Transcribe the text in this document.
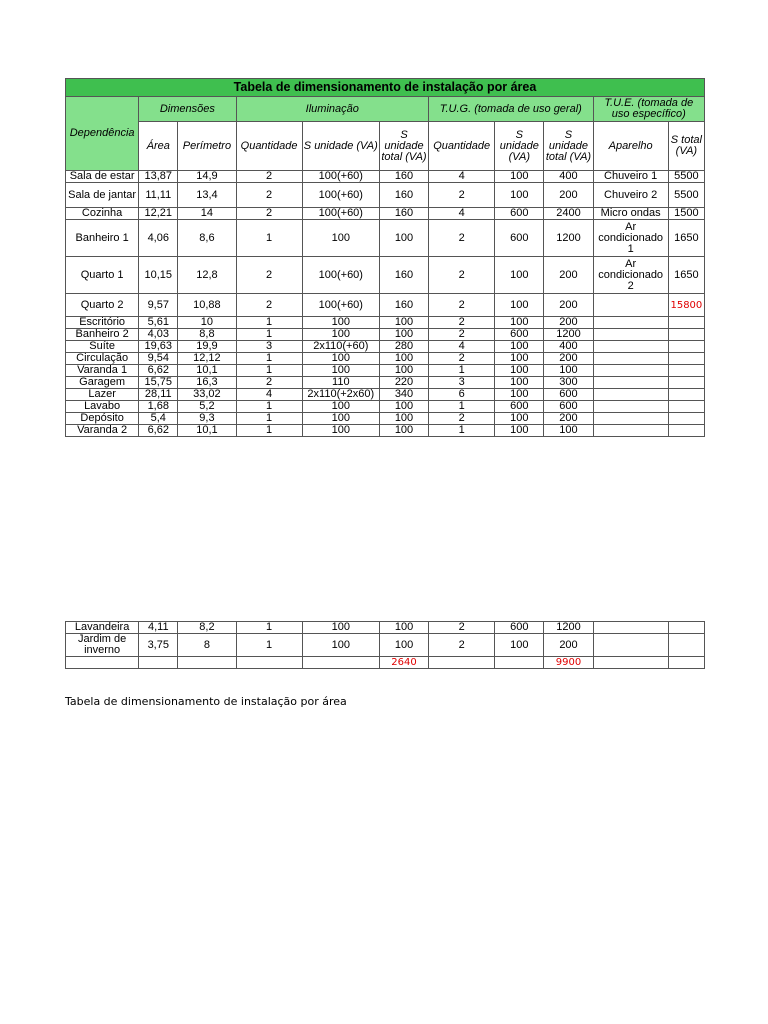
Tabela de dimensionamento de instalação por área										
Dependência	Dimensões		Iluminação			T.U.G. (tomada de uso geral)			T.U.E. (tomada de uso específico)	
	Área	Perímetro	Quantidade	S unidade (VA)	S unidade total (VA)	Quantidade	S unidade (VA)	S unidade total (VA)	Aparelho	S total (VA)
Sala de estar	13,87	14,9	2	100(+60)	160	4	100	400	Chuveiro 1	5500
Sala de jantar	11,11	13,4	2	100(+60)	160	2	100	200	Chuveiro 2	5500
Cozinha	12,21	14	2	100(+60)	160	4	600	2400	Micro ondas	1500
Banheiro 1	4,06	8,6	1	100	100	2	600	1200	Ar condicionado 1	1650
Quarto 1	10,15	12,8	2	100(+60)	160	2	100	200	Ar condicionado 2	1650
Quarto 2	9,57	10,88	2	100(+60)	160	2	100	200		15800
Escritório	5,61	10	1	100	100	2	100	200		
Banheiro 2	4,03	8,8	1	100	100	2	600	1200		
Suíte	19,63	19,9	3	2x110(+60)	280	4	100	400		
Circulação	9,54	12,12	1	100	100	2	100	200		
Varanda 1	6,62	10,1	1	100	100	1	100	100		
Garagem	15,75	16,3	2	110	220	3	100	300		
Lazer	28,11	33,02	4	2x110(+2x60)	340	6	100	600		
Lavabo	1,68	5,2	1	100	100	1	600	600		
Depósito	5,4	9,3	1	100	100	2	100	200		
Varanda 2	6,62	10,1	1	100	100	1	100	100		
Lavandeira	4,11	8,2	1	100	100	2	600	1200		
Jardim de inverno	3,75	8	1	100	100	2	100	200		
					2640			9900		
Tabela de dimensionamento de instalação por área
